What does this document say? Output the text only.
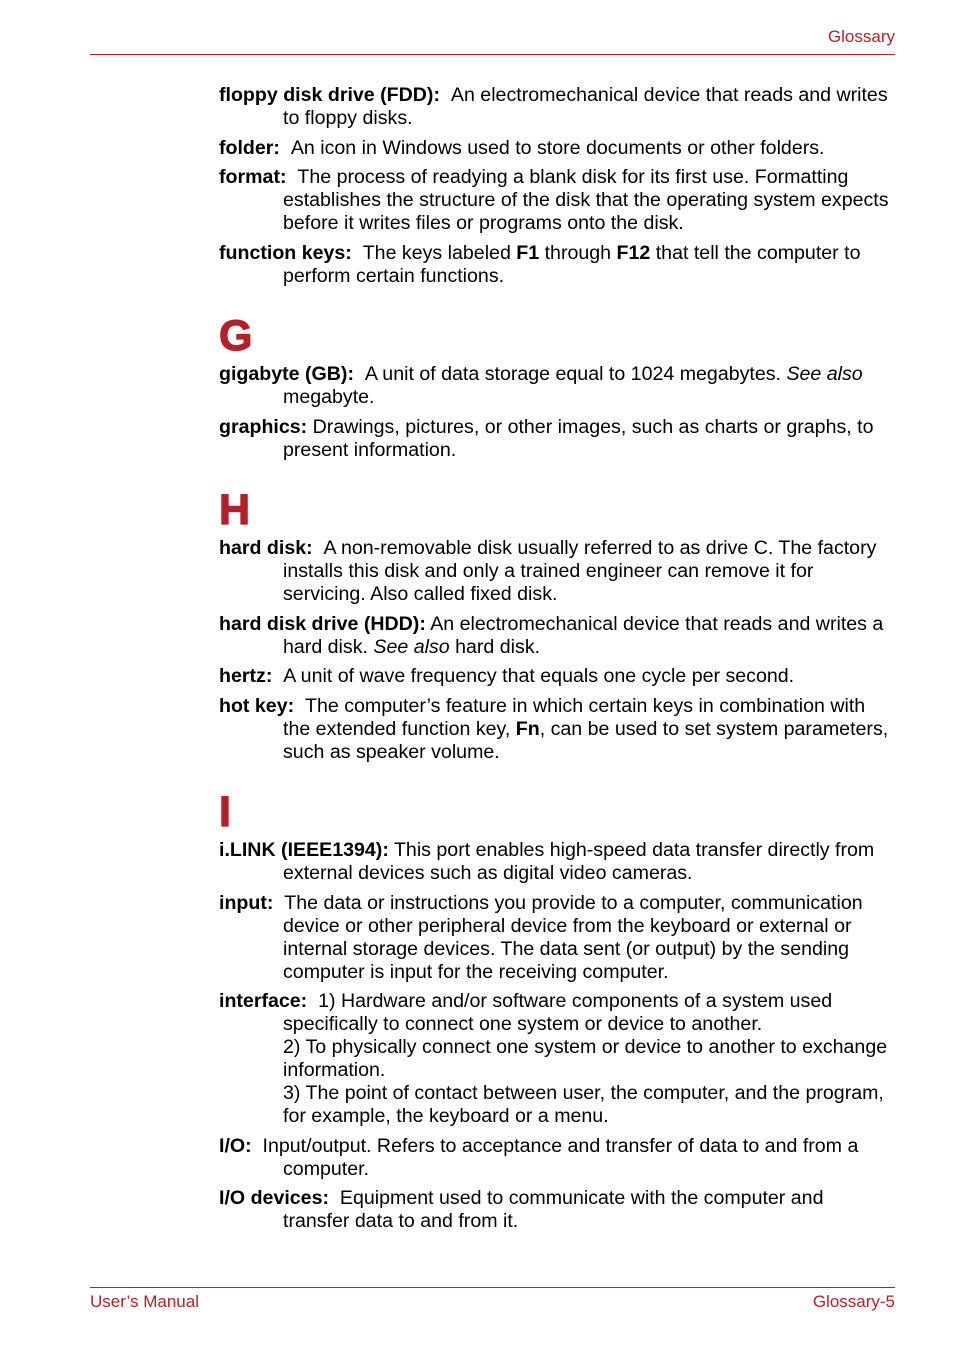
Glossary

floppy disk drive (FDD): An electromechanical device that reads and writes to floppy disks.

folder: An icon in Windows used to store documents or other folders.

format: The process of readying a blank disk for its first use. Formatting establishes the structure of the disk that the operating system expects before it writes files or programs onto the disk.

function keys: The keys labeled F1 through F12 that tell the computer to perform certain functions.

G

gigabyte (GB): A unit of data storage equal to 1024 megabytes. See also megabyte.

graphics: Drawings, pictures, or other images, such as charts or graphs, to present information.

H

hard disk: A non-removable disk usually referred to as drive C. The factory installs this disk and only a trained engineer can remove it for servicing. Also called fixed disk.

hard disk drive (HDD): An electromechanical device that reads and writes a hard disk. See also hard disk.

hertz: A unit of wave frequency that equals one cycle per second.

hot key: The computer’s feature in which certain keys in combination with the extended function key, Fn, can be used to set system parameters, such as speaker volume.

I

i.LINK (IEEE1394): This port enables high-speed data transfer directly from external devices such as digital video cameras.

input: The data or instructions you provide to a computer, communication device or other peripheral device from the keyboard or external or internal storage devices. The data sent (or output) by the sending computer is input for the receiving computer.

interface: 1) Hardware and/or software components of a system used specifically to connect one system or device to another.
2) To physically connect one system or device to another to exchange information.
3) The point of contact between user, the computer, and the program, for example, the keyboard or a menu.

I/O: Input/output. Refers to acceptance and transfer of data to and from a computer.

I/O devices: Equipment used to communicate with the computer and transfer data to and from it.

User’s Manual	Glossary-5
